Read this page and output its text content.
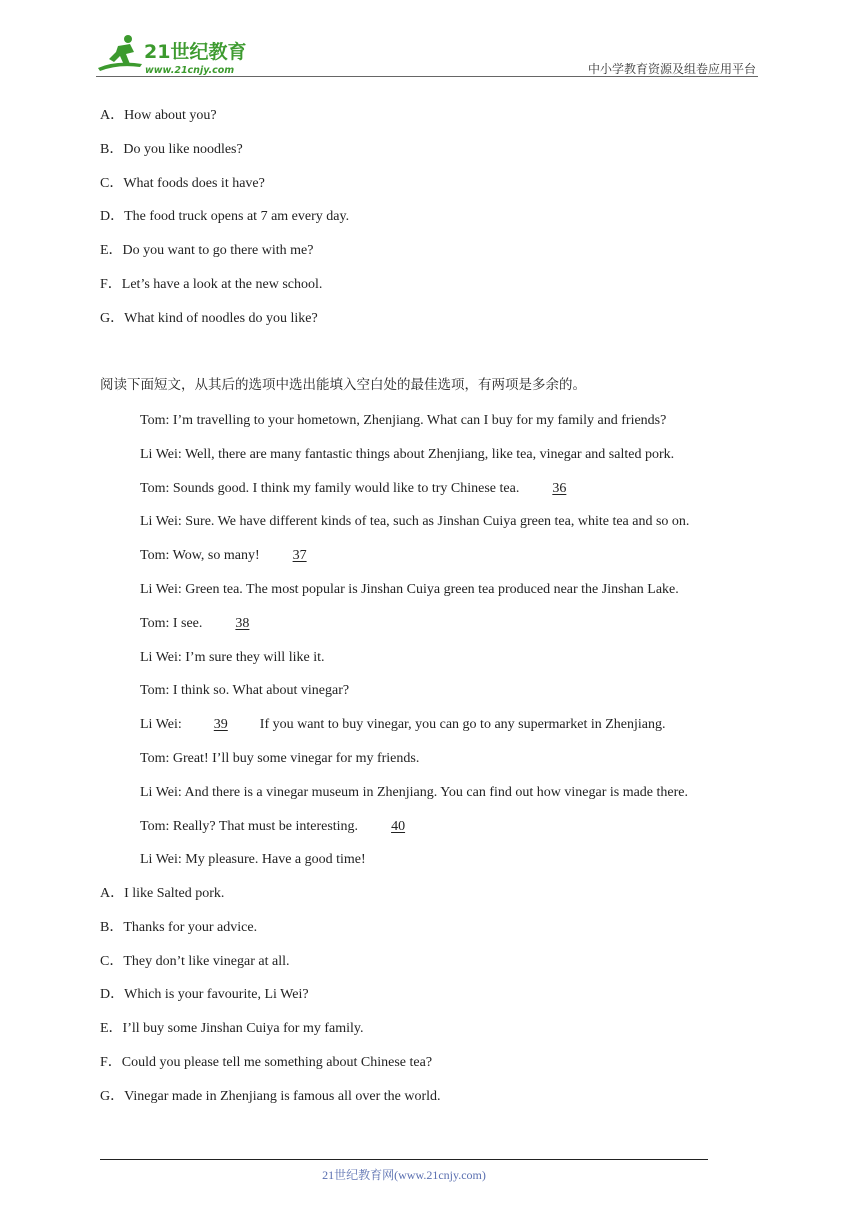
21世纪教育
www.21cnjy.com	中小学教育资源及组卷应用平台
A．How about you?
B．Do you like noodles?
C．What foods does it have?
D．The food truck opens at 7 am every day.
E．Do you want to go there with me?
F．Let’s have a look at the new school.
G．What kind of noodles do you like?
阅读下面短文，从其后的选项中选出能填入空白处的最佳选项，有两项是多余的。
Tom: I’m travelling to your hometown, Zhenjiang. What can I buy for my family and friends?
Li Wei: Well, there are many fantastic things about Zhenjiang, like tea, vinegar and salted pork.
Tom: Sounds good. I think my family would like to try Chinese tea. 36
Li Wei: Sure. We have different kinds of tea, such as Jinshan Cuiya green tea, white tea and so on.
Tom: Wow, so many! 37
Li Wei: Green tea. The most popular is Jinshan Cuiya green tea produced near the Jinshan Lake.
Tom: I see. 38
Li Wei: I’m sure they will like it.
Tom: I think so. What about vinegar?
Li Wei: 39 If you want to buy vinegar, you can go to any supermarket in Zhenjiang.
Tom: Great! I’ll buy some vinegar for my friends.
Li Wei: And there is a vinegar museum in Zhenjiang. You can find out how vinegar is made there.
Tom: Really? That must be interesting. 40
Li Wei: My pleasure. Have a good time!
A．I like Salted pork.
B．Thanks for your advice.
C．They don’t like vinegar at all.
D．Which is your favourite, Li Wei?
E．I’ll buy some Jinshan Cuiya for my family.
F．Could you please tell me something about Chinese tea?
G．Vinegar made in Zhenjiang is famous all over the world.
21世纪教育网(www.21cnjy.com)
